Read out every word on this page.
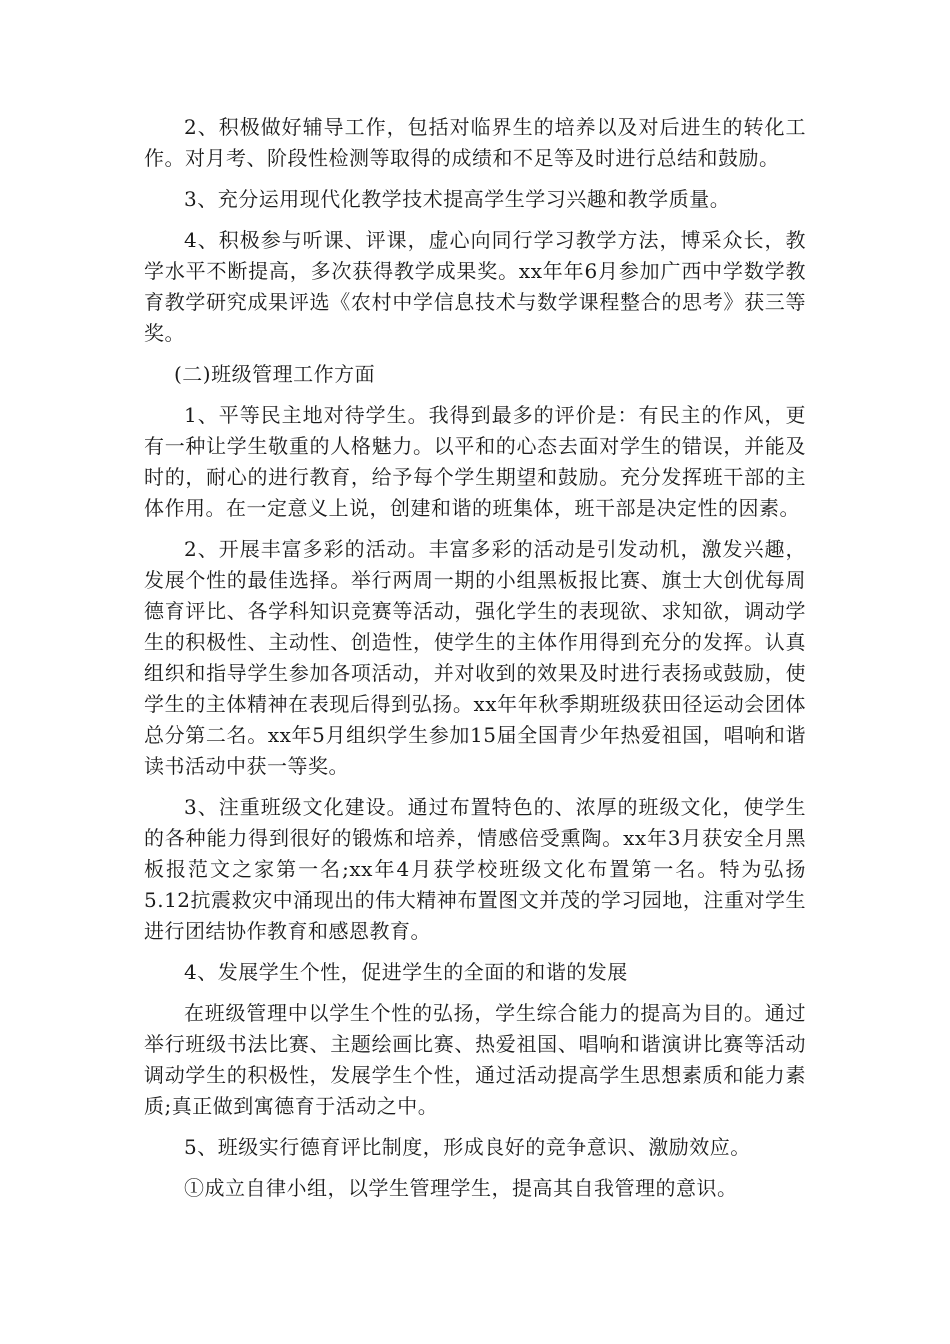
2、积极做好辅导工作，包括对临界生的培养以及对后进生的转化工作。对月考、阶段性检测等取得的成绩和不足等及时进行总结和鼓励。

3、充分运用现代化教学技术提高学生学习兴趣和教学质量。

4、积极参与听课、评课，虚心向同行学习教学方法，博采众长，教学水平不断提高，多次获得教学成果奖。xx年年6月参加广西中学数学教育教学研究成果评选《农村中学信息技术与数学课程整合的思考》获三等奖。

(二)班级管理工作方面

1、平等民主地对待学生。我得到最多的评价是：有民主的作风，更有一种让学生敬重的人格魅力。以平和的心态去面对学生的错误，并能及时的，耐心的进行教育，给予每个学生期望和鼓励。充分发挥班干部的主体作用。在一定意义上说，创建和谐的班集体，班干部是决定性的因素。

2、开展丰富多彩的活动。丰富多彩的活动是引发动机，激发兴趣，发展个性的最佳选择。举行两周一期的小组黑板报比赛、旗士大创优每周德育评比、各学科知识竞赛等活动，强化学生的表现欲、求知欲，调动学生的积极性、主动性、创造性，使学生的主体作用得到充分的发挥。认真组织和指导学生参加各项活动，并对收到的效果及时进行表扬或鼓励，使学生的主体精神在表现后得到弘扬。xx年年秋季期班级获田径运动会团体总分第二名。xx年5月组织学生参加15届全国青少年热爱祖国，唱响和谐读书活动中获一等奖。

3、注重班级文化建设。通过布置特色的、浓厚的班级文化，使学生的各种能力得到很好的锻炼和培养，情感倍受熏陶。xx年3月获安全月黑板报范文之家第一名;xx年4月获学校班级文化布置第一名。特为弘扬5.12抗震救灾中涌现出的伟大精神布置图文并茂的学习园地，注重对学生进行团结协作教育和感恩教育。

4、发展学生个性，促进学生的全面的和谐的发展

在班级管理中以学生个性的弘扬，学生综合能力的提高为目的。通过举行班级书法比赛、主题绘画比赛、热爱祖国、唱响和谐演讲比赛等活动调动学生的积极性，发展学生个性，通过活动提高学生思想素质和能力素质;真正做到寓德育于活动之中。

5、班级实行德育评比制度，形成良好的竞争意识、激励效应。

①成立自律小组，以学生管理学生，提高其自我管理的意识。
